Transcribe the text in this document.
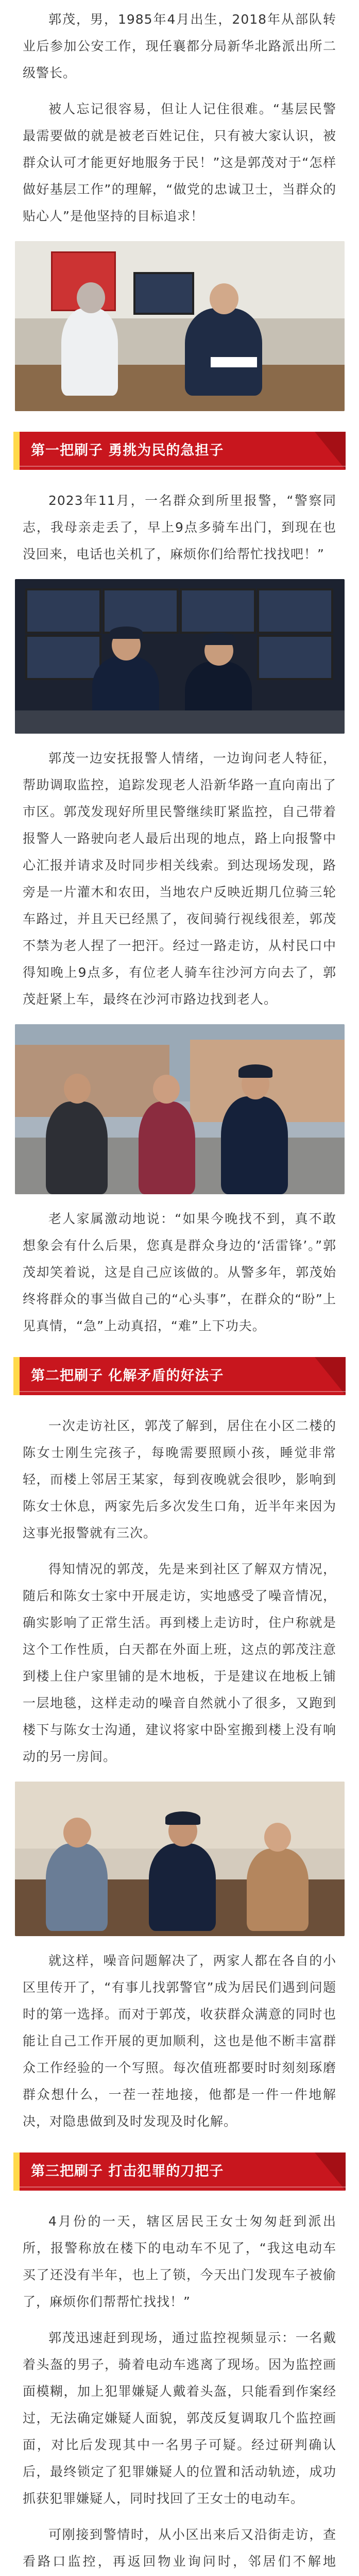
郭茂，男，1985年4月出生，2018年从部队转业后参加公安工作，现任襄都分局新华北路派出所二级警长。

被人忘记很容易，但让人记住很难。“基层民警最需要做的就是被老百姓记住，只有被大家认识，被群众认可才能更好地服务于民！”这是郭茂对于“怎样做好基层工作”的理解，“做党的忠诚卫士，当群众的贴心人”是他坚持的目标追求！

第一把刷子 勇挑为民的急担子

2023年11月，一名群众到所里报警，“警察同志，我母亲走丢了，早上9点多骑车出门，到现在也没回来，电话也关机了，麻烦你们给帮忙找找吧！”

郭茂一边安抚报警人情绪，一边询问老人特征，帮助调取监控，追踪发现老人沿新华路一直向南出了市区。郭茂发现好所里民警继续盯紧监控，自己带着报警人一路驶向老人最后出现的地点，路上向报警中心汇报并请求及时同步相关线索。到达现场发现，路旁是一片灌木和农田，当地农户反映近期几位骑三轮车路过，并且天已经黑了，夜间骑行视线很差，郭茂不禁为老人捏了一把汗。经过一路走访，从村民口中得知晚上9点多，有位老人骑车往沙河方向去了，郭茂赶紧上车，最终在沙河市路边找到老人。

老人家属激动地说：“如果今晚找不到，真不敢想象会有什么后果，您真是群众身边的‘活雷锋’。”郭茂却笑着说，这是自己应该做的。从警多年，郭茂始终将群众的事当做自己的“心头事”，在群众的“盼”上见真情，“急”上动真招，“难”上下功夫。

第二把刷子 化解矛盾的好法子

一次走访社区，郭茂了解到，居住在小区二楼的陈女士刚生完孩子，每晚需要照顾小孩，睡觉非常轻，而楼上邻居王某家，每到夜晚就会很吵，影响到陈女士休息，两家先后多次发生口角，近半年来因为这事光报警就有三次。

得知情况的郭茂，先是来到社区了解双方情况，随后和陈女士家中开展走访，实地感受了噪音情况，确实影响了正常生活。再到楼上走访时，住户称就是这个工作性质，白天都在外面上班，这点的郭茂注意到楼上住户家里铺的是木地板，于是建议在地板上铺一层地毯，这样走动的噪音自然就小了很多，又跑到楼下与陈女士沟通，建议将家中卧室搬到楼上没有响动的另一房间。

就这样，噪音问题解决了，两家人都在各自的小区里传开了，“有事儿找郭警官”成为居民们遇到问题时的第一选择。而对于郭茂，收获群众满意的同时也能让自己工作开展的更加顺利，这也是他不断丰富群众工作经验的一个写照。每次值班都要时时刻刻琢磨群众想什么，一茬一茬地接，他都是一件一件地解决，对隐患做到及时发现及时化解。

第三把刷子 打击犯罪的刀把子

4月份的一天，辖区居民王女士匆匆赶到派出所，报警称放在楼下的电动车不见了，“我这电动车买了还没有半年，也上了锁，今天出门发现车子被偷了，麻烦你们帮帮忙找找！”

郭茂迅速赶到现场，通过监控视频显示：一名戴着头盔的男子，骑着电动车逃离了现场。因为监控画面模糊，加上犯罪嫌疑人戴着头盔，只能看到作案经过，无法确定嫌疑人面貌，郭茂反复调取几个监控画面，对比后发现其中一名男子可疑。经过研判确认后，最终锁定了犯罪嫌疑人的位置和活动轨迹，成功抓获犯罪嫌疑人，同时找回了王女士的电动车。

可刚接到警情时，从小区出来后又沿街走访，查看路口监控，再返回物业询问时，邻居们不解地
